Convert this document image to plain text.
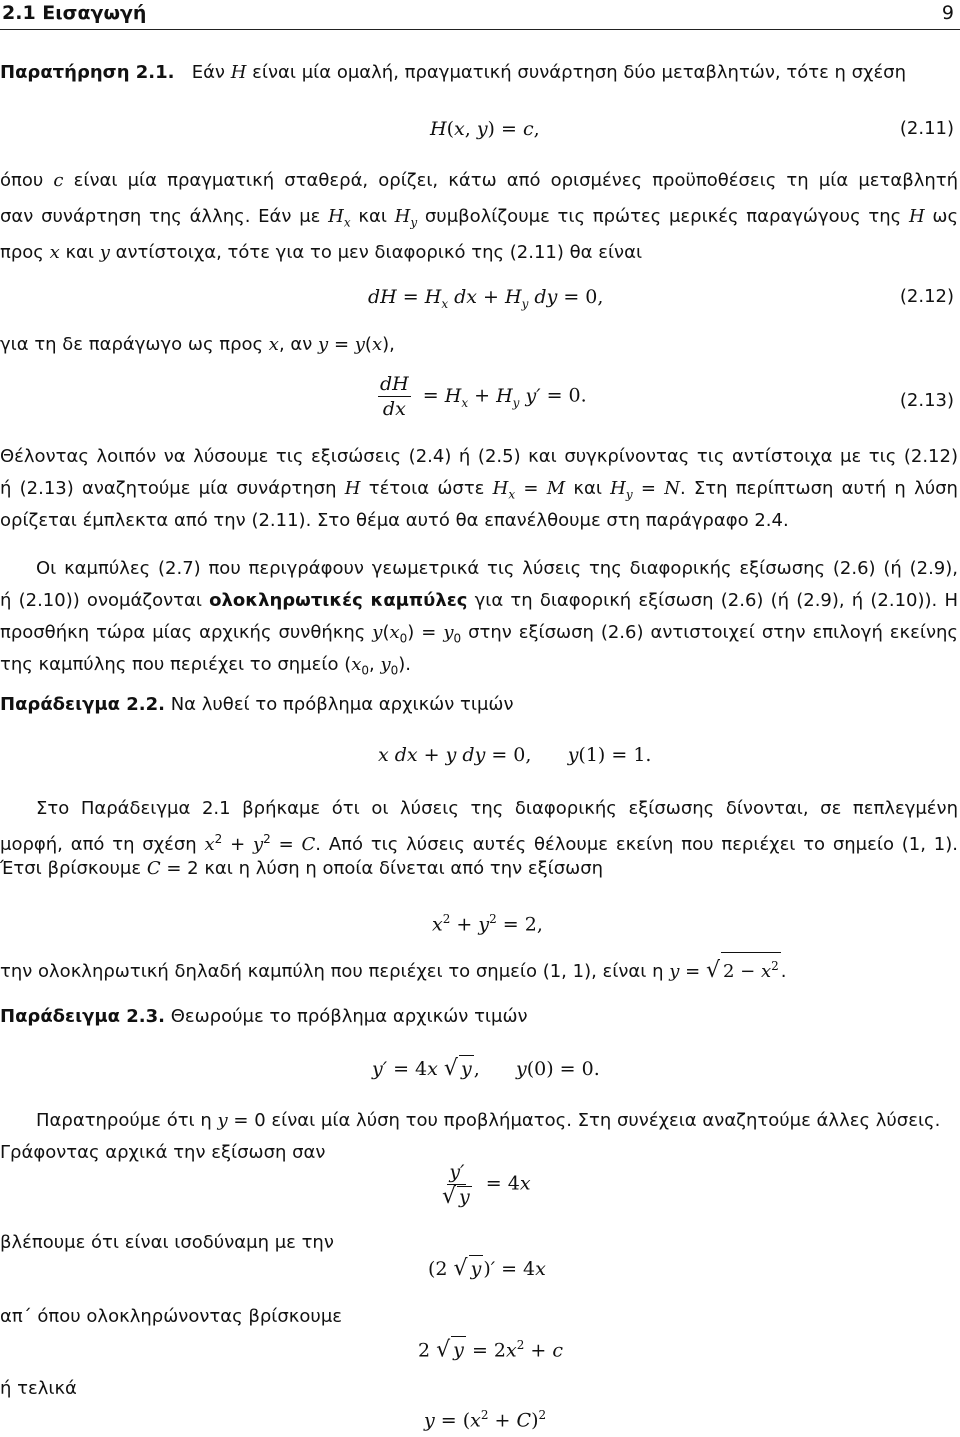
2.1 Εισαγωγή	9
Παρατήρηση 2.1.   Εάν H είναι μία ομαλή, πραγματική συνάρτηση δύο μεταβλητών, τότε η σχέση
H(x, y) = c,	(2.11)
όπου c είναι μία πραγματική σταθερά, ορίζει, κάτω από ορισμένες προϋποθέσεις τη μία μεταβλητή
σαν συνάρτηση της άλλης. Εάν με $H_x$ και $H_y$ συμβολίζουμε τις πρώτες μερικές παραγώγους της H ως
προς x και y αντίστοιχα, τότε για το μεν διαφορικό της (2.11) θα είναι
dH = $H_x$ dx + $H_y$ dy = 0,	(2.12)
για τη δε παράγωγο ως προς x, αν y = y(x),
$\frac{dH}{dx} = H_x + H_y$ y′ = 0.	(2.13)
Θέλοντας λοιπόν να λύσουμε τις εξισώσεις (2.4) ή (2.5) και συγκρίνοντας τις αντίστοιχα με τις (2.12)
ή (2.13) αναζητούμε μία συνάρτηση H τέτοια ώστε $H_x = M$ και $H_y = N$. Στη περίπτωση αυτή η λύση
ορίζεται έμπλεκτα από την (2.11). Στο θέμα αυτό θα επανέλθουμε στη παράγραφο 2.4.
Οι καμπύλες (2.7) που περιγράφουν γεωμετρικά τις λύσεις της διαφορικής εξίσωσης (2.6) (ή (2.9),
ή (2.10)) ονομάζονται ολοκληρωτικές καμπύλες για τη διαφορική εξίσωση (2.6) (ή (2.9), ή (2.10)). Η
προσθήκη τώρα μίας αρχικής συνθήκης $y(x_0) = y_0$ στην εξίσωση (2.6) αντιστοιχεί στην επιλογή εκείνης
της καμπύλης που περιέχει το σημείο ($x_0$, $y_0$).
Παράδειγμα 2.2. Να λυθεί το πρόβλημα αρχικών τιμών
x dx + y dy = 0,      y(1) = 1.
Στο Παράδειγμα 2.1 βρήκαμε ότι οι λύσεις της διαφορικής εξίσωσης δίνονται, σε πεπλεγμένη
μορφή, από τη σχέση $x^2 + y^2 = C$. Από τις λύσεις αυτές θέλουμε εκείνη που περιέχει το σημείο (1, 1).
Έτσι βρίσκουμε C = 2 και η λύση η οποία δίνεται από την εξίσωση
$x^2 + y^2 = 2$,
την ολοκληρωτική δηλαδή καμπύλη που περιέχει το σημείο (1, 1), είναι η y = √ $2 - x^2$ .
Παράδειγμα 2.3. Θεωρούμε το πρόβλημα αρχικών τιμών
y′ = 4x √ y ,      y(0) = 0.
Παρατηρούμε ότι η y = 0 είναι μία λύση του προβλήματος. Στη συνέχεια αναζητούμε άλλες λύσεις.
Γράφοντας αρχικά την εξίσωση σαν
$\frac{y'}{√ y} = 4x$
βλέπουμε ότι είναι ισοδύναμη με την
(2 √ y )′ = 4x
απ΄ όπου ολοκληρώνοντας βρίσκουμε
2 √ $y = 2x^2 + c$
ή τελικά
$y = (x^2 + C)^2$
